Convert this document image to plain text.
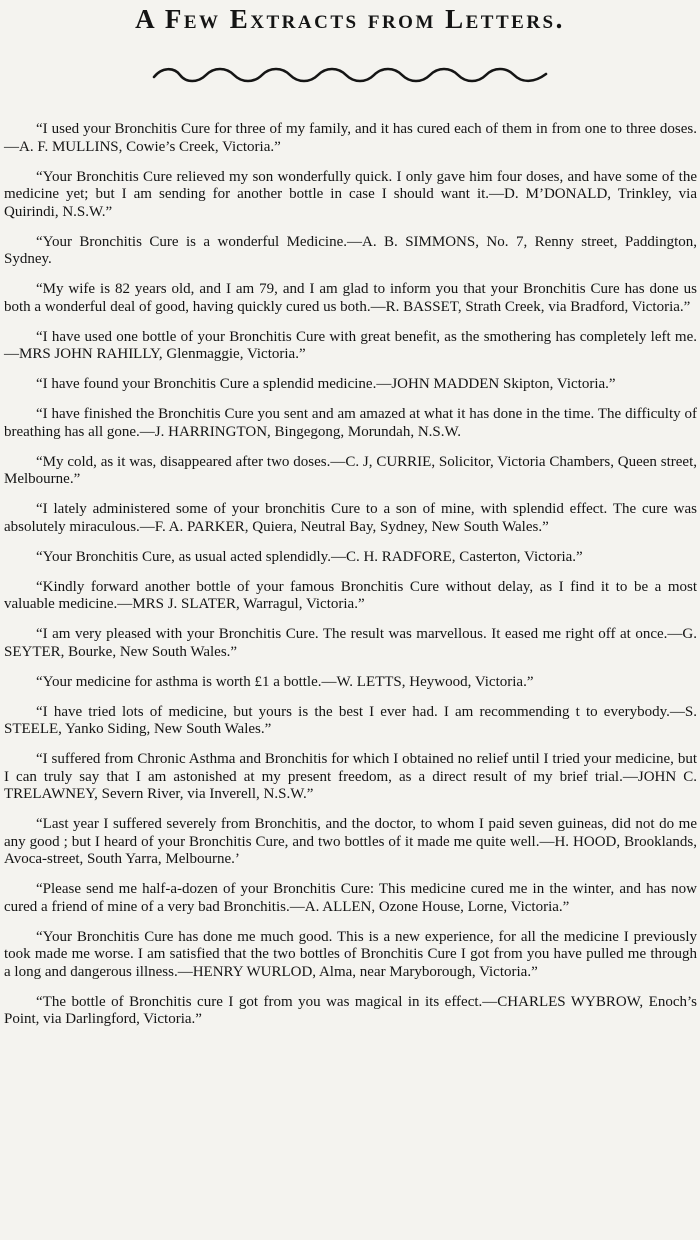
A Few Extracts from Letters.

“I used your Bronchitis Cure for three of my family, and it has cured each of them in from one to three doses.—A. F. MULLINS, Cowie’s Creek, Victoria.”

“Your Bronchitis Cure relieved my son wonderfully quick. I only gave him four doses, and have some of the medicine yet; but I am sending for another bottle in case I should want it.—D. M’DONALD, Trinkley, via Quirindi, N.S.W.”

“Your Bronchitis Cure is a wonderful Medicine.—A. B. SIMMONS, No. 7, Renny street, Paddington, Sydney.

“My wife is 82 years old, and I am 79, and I am glad to inform you that your Bronchitis Cure has done us both a wonderful deal of good, having quickly cured us both.—R. BASSET, Strath Creek, via Bradford, Victoria.”

“I have used one bottle of your Bronchitis Cure with great benefit, as the smothering has completely left me.—MRS JOHN RAHILLY, Glenmaggie, Victoria.”

“I have found your Bronchitis Cure a splendid medicine.—JOHN MADDEN Skipton, Victoria.”

“I have finished the Bronchitis Cure you sent and am amazed at what it has done in the time. The difficulty of breathing has all gone.—J. HARRINGTON, Bingegong, Morundah, N.S.W.

“My cold, as it was, disappeared after two doses.—C. J, CURRIE, Solicitor, Victoria Chambers, Queen street, Melbourne.”

“I lately administered some of your bronchitis Cure to a son of mine, with splendid effect. The cure was absolutely miraculous.—F. A. PARKER, Quiera, Neutral Bay, Sydney, New South Wales.”

“Your Bronchitis Cure, as usual acted splendidly.—C. H. RADFORE, Casterton, Victoria.”

“Kindly forward another bottle of your famous Bronchitis Cure without delay, as I find it to be a most valuable medicine.—MRS J. SLATER, Warragul, Victoria.”

“I am very pleased with your Bronchitis Cure. The result was marvellous. It eased me right off at once.—G. SEYTER, Bourke, New South Wales.”

“Your medicine for asthma is worth £1 a bottle.—W. LETTS, Heywood, Victoria.”

“I have tried lots of medicine, but yours is the best I ever had. I am recommending t to everybody.—S. STEELE, Yanko Siding, New South Wales.”

“I suffered from Chronic Asthma and Bronchitis for which I obtained no relief until I tried your medicine, but I can truly say that I am astonished at my present freedom, as a direct result of my brief trial.—JOHN C. TRELAWNEY, Severn River, via Inverell, N.S.W.”

“Last year I suffered severely from Bronchitis, and the doctor, to whom I paid seven guineas, did not do me any good ; but I heard of your Bronchitis Cure, and two bottles of it made me quite well.—H. HOOD, Brooklands, Avoca-street, South Yarra, Melbourne.’

“Please send me half-a-dozen of your Bronchitis Cure: This medicine cured me in the winter, and has now cured a friend of mine of a very bad Bronchitis.—A. ALLEN, Ozone House, Lorne, Victoria.”

“Your Bronchitis Cure has done me much good. This is a new experience, for all the medicine I previously took made me worse. I am satisfied that the two bottles of Bronchitis Cure I got from you have pulled me through a long and dangerous illness.—HENRY WURLOD, Alma, near Maryborough, Victoria.”

“The bottle of Bronchitis cure I got from you was magical in its effect.—CHARLES WYBROW, Enoch’s Point, via Darlingford, Victoria.”
